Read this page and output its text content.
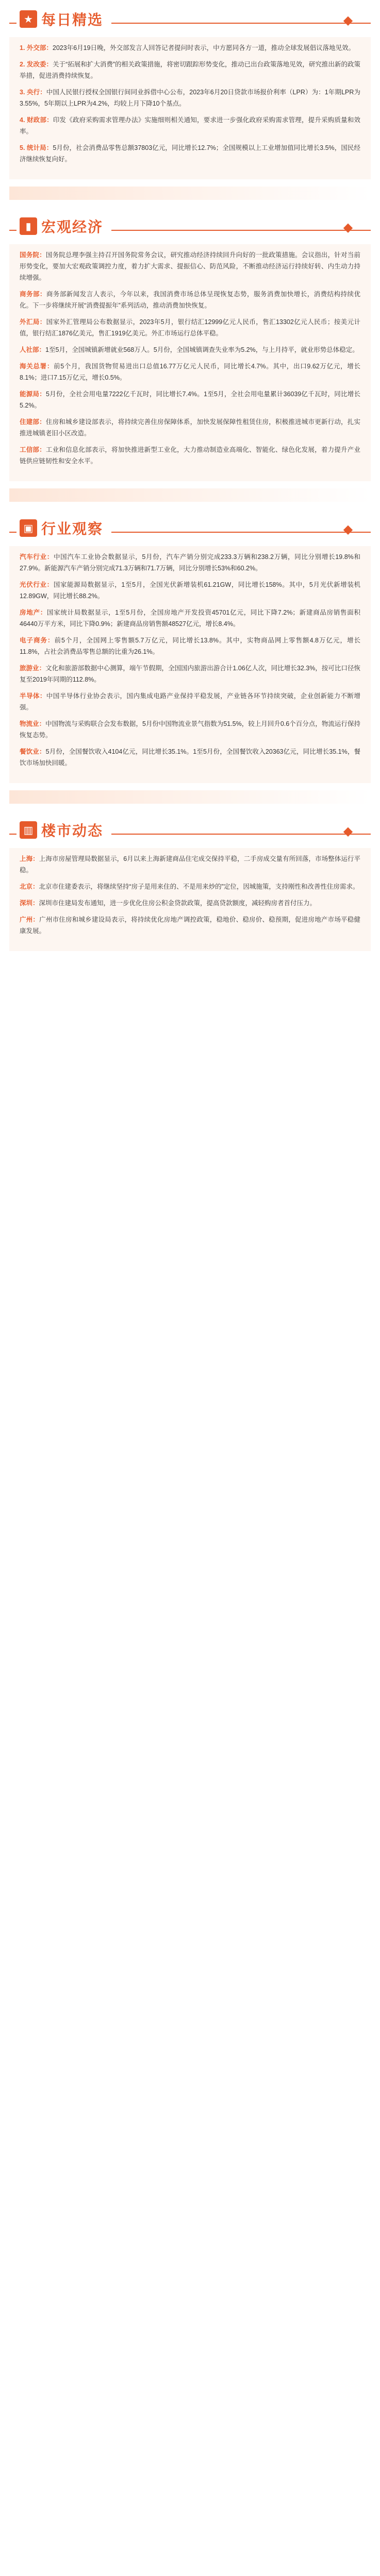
★ 每日精选	◆

1. 外交部：2023年6月19日晚，外交部发言人回答记者提问时表示，中方愿同各方一道，推动全球发展倡议落地见效。

2. 发改委：关于“拓展和扩大消费”的相关政策措施，将密切跟踪形势变化，推动已出台政策落地见效，研究推出新的政策举措，促进消费持续恢复。

3. 央行：中国人民银行授权全国银行间同业拆借中心公布，2023年6月20日贷款市场报价利率（LPR）为：1年期LPR为3.55%，5年期以上LPR为4.2%，均较上月下降10个基点。

4. 财政部：印发《政府采购需求管理办法》实施细则相关通知，要求进一步强化政府采购需求管理，提升采购质量和效率。

5. 统计局：5月份，社会消费品零售总额37803亿元，同比增长12.7%；全国规模以上工业增加值同比增长3.5%，国民经济继续恢复向好。

▮ 宏观经济	◆

国务院：国务院总理李强主持召开国务院常务会议，研究推动经济持续回升向好的一批政策措施。会议指出，针对当前形势变化，要加大宏观政策调控力度，着力扩大需求、提振信心、防范风险，不断推动经济运行持续好转、内生动力持续增强。

商务部：商务部新闻发言人表示，今年以来，我国消费市场总体呈现恢复态势，服务消费加快增长，消费结构持续优化。下一步将继续开展“消费提振年”系列活动，推动消费加快恢复。

外汇局：国家外汇管理局公布数据显示，2023年5月，银行结汇12999亿元人民币，售汇13302亿元人民币；按美元计值，银行结汇1876亿美元，售汇1919亿美元。外汇市场运行总体平稳。

人社部：1至5月，全国城镇新增就业568万人。5月份，全国城镇调查失业率为5.2%，与上月持平，就业形势总体稳定。

海关总署：前5个月，我国货物贸易进出口总值16.77万亿元人民币，同比增长4.7%。其中，出口9.62万亿元，增长8.1%；进口7.15万亿元，增长0.5%。

能源局：5月份，全社会用电量7222亿千瓦时，同比增长7.4%。1至5月，全社会用电量累计36039亿千瓦时，同比增长5.2%。

住建部：住房和城乡建设部表示，将持续完善住房保障体系，加快发展保障性租赁住房，积极推进城市更新行动，扎实推进城镇老旧小区改造。

工信部：工业和信息化部表示，将加快推进新型工业化，大力推动制造业高端化、智能化、绿色化发展，着力提升产业链供应链韧性和安全水平。

▣ 行业观察	◆

汽车行业：中国汽车工业协会数据显示，5月份，汽车产销分别完成233.3万辆和238.2万辆，同比分别增长19.8%和27.9%。新能源汽车产销分别完成71.3万辆和71.7万辆，同比分别增长53%和60.2%。

光伏行业：国家能源局数据显示，1至5月，全国光伏新增装机61.21GW，同比增长158%。其中，5月光伏新增装机12.89GW，同比增长88.2%。

房地产：国家统计局数据显示，1至5月份，全国房地产开发投资45701亿元，同比下降7.2%；新建商品房销售面积46440万平方米，同比下降0.9%；新建商品房销售额48527亿元，增长8.4%。

电子商务：前5个月，全国网上零售额5.7万亿元，同比增长13.8%。其中，实物商品网上零售额4.8万亿元，增长11.8%，占社会消费品零售总额的比重为26.1%。

旅游业：文化和旅游部数据中心测算，端午节假期，全国国内旅游出游合计1.06亿人次，同比增长32.3%，按可比口径恢复至2019年同期的112.8%。

半导体：中国半导体行业协会表示，国内集成电路产业保持平稳发展，产业链各环节持续突破，企业创新能力不断增强。

物流业：中国物流与采购联合会发布数据，5月份中国物流业景气指数为51.5%，较上月回升0.6个百分点，物流运行保持恢复态势。

餐饮业：5月份，全国餐饮收入4104亿元，同比增长35.1%。1至5月份，全国餐饮收入20363亿元，同比增长35.1%，餐饮市场加快回暖。

▥ 楼市动态	◆

上海：上海市房屋管理局数据显示，6月以来上海新建商品住宅成交保持平稳，二手房成交量有所回落，市场整体运行平稳。

北京：北京市住建委表示，将继续坚持“房子是用来住的、不是用来炒的”定位，因城施策，支持刚性和改善性住房需求。

深圳：深圳市住建局发布通知，进一步优化住房公积金贷款政策，提高贷款额度，减轻购房者首付压力。

广州：广州市住房和城乡建设局表示，将持续优化房地产调控政策，稳地价、稳房价、稳预期，促进房地产市场平稳健康发展。
